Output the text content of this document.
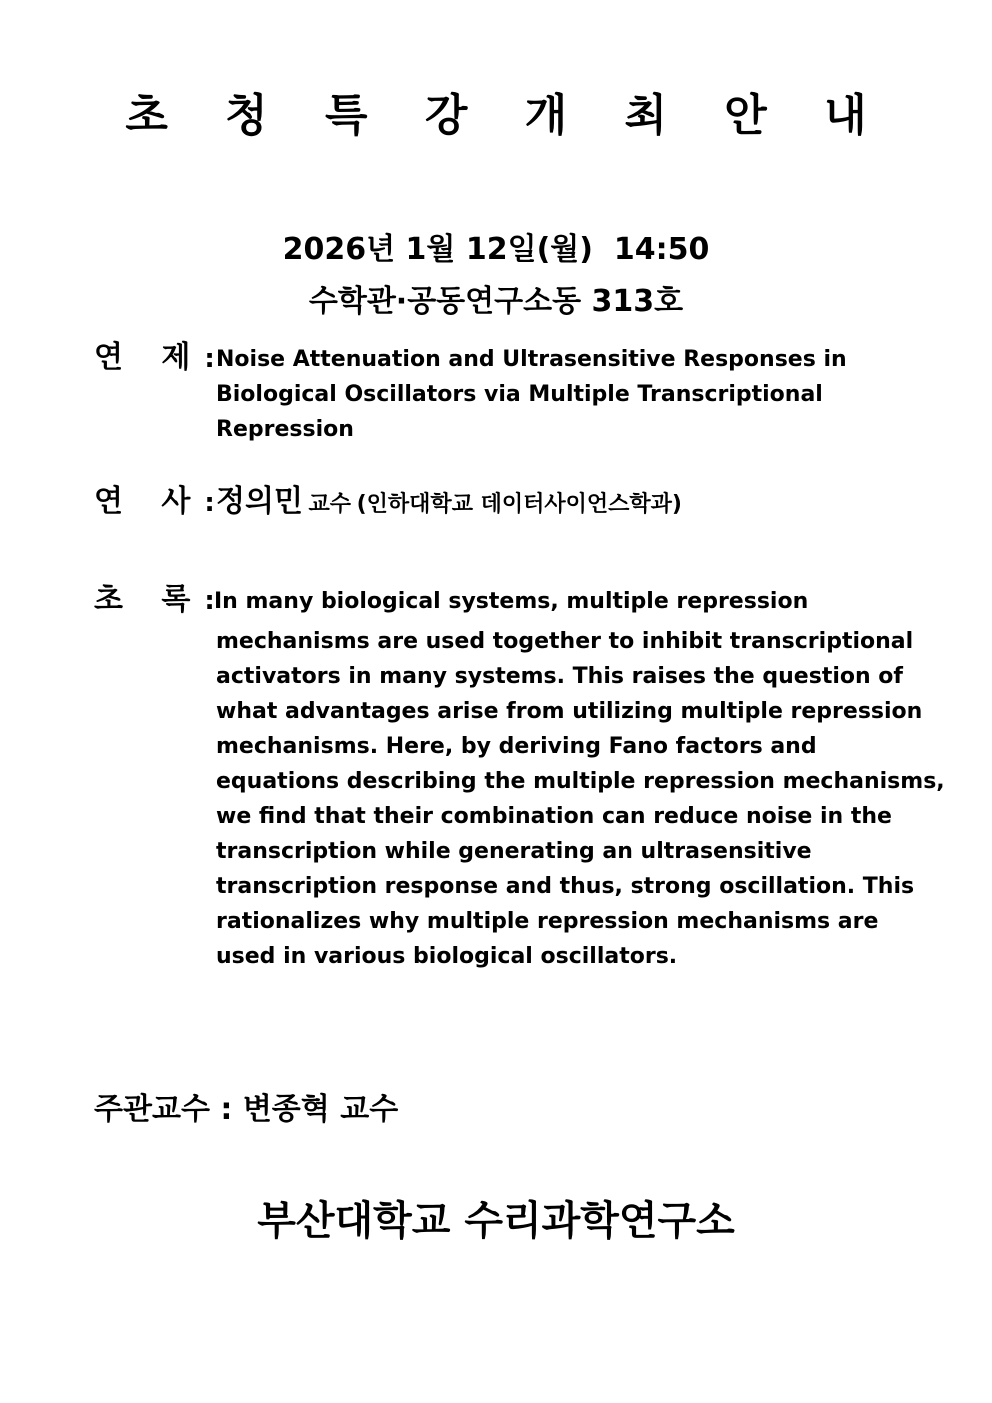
초 청 특 강 개 최 안 내
2026년 1월 12일(월)  14:50
수학관·공동연구소동 313호
연 제: Noise Attenuation and Ultrasensitive Responses in
Biological Oscillators via Multiple Transcriptional
Repression
연 사: 정의민 교수 (인하대학교 데이터사이언스학과)
초 록: In many biological systems, multiple repression
mechanisms are used together to inhibit transcriptional
activators in many systems. This raises the question of
what advantages arise from utilizing multiple repression
mechanisms. Here, by deriving Fano factors and
equations describing the multiple repression mechanisms,
we find that their combination can reduce noise in the
transcription while generating an ultrasensitive
transcription response and thus, strong oscillation. This
rationalizes why multiple repression mechanisms are
used in various biological oscillators.
주관교수 : 변종혁 교수
부산대학교 수리과학연구소
